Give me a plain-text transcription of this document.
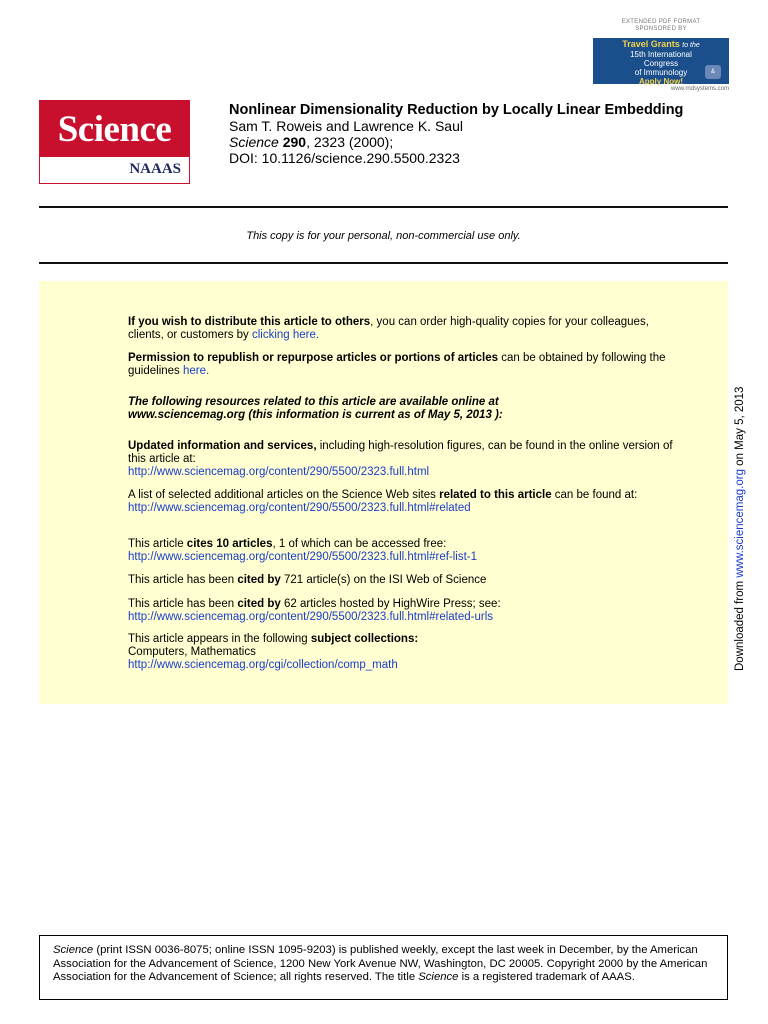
EXTENDED PDF FORMAT
SPONSORED BY
Travel Grants to the
15th International Congress
of Immunology
Apply Now!
&
www.rndsystems.com
Science
N AAAS
Nonlinear Dimensionality Reduction by Locally Linear Embedding
Sam T. Roweis and Lawrence K. Saul
Science 290, 2323 (2000);
DOI: 10.1126/science.290.5500.2323
This copy is for your personal, non-commercial use only.
If you wish to distribute this article to others, you can order high-quality copies for your colleagues, clients, or customers by clicking here.
Permission to republish or repurpose articles or portions of articles can be obtained by following the guidelines here.
The following resources related to this article are available online at
www.sciencemag.org (this information is current as of May 5, 2013 ):
Updated information and services, including high-resolution figures, can be found in the online version of this article at:
http://www.sciencemag.org/content/290/5500/2323.full.html
A list of selected additional articles on the Science Web sites related to this article can be found at:
http://www.sciencemag.org/content/290/5500/2323.full.html#related
This article cites 10 articles, 1 of which can be accessed free:
http://www.sciencemag.org/content/290/5500/2323.full.html#ref-list-1
This article has been cited by 721 article(s) on the ISI Web of Science
This article has been cited by 62 articles hosted by HighWire Press; see:
http://www.sciencemag.org/content/290/5500/2323.full.html#related-urls
This article appears in the following subject collections:
Computers, Mathematics
http://www.sciencemag.org/cgi/collection/comp_math	Downloaded from www.sciencemag.org on May 5, 2013
Science (print ISSN 0036-8075; online ISSN 1095-9203) is published weekly, except the last week in December, by the American Association for the Advancement of Science, 1200 New York Avenue NW, Washington, DC 20005. Copyright 2000 by the American Association for the Advancement of Science; all rights reserved. The title Science is a registered trademark of AAAS.
